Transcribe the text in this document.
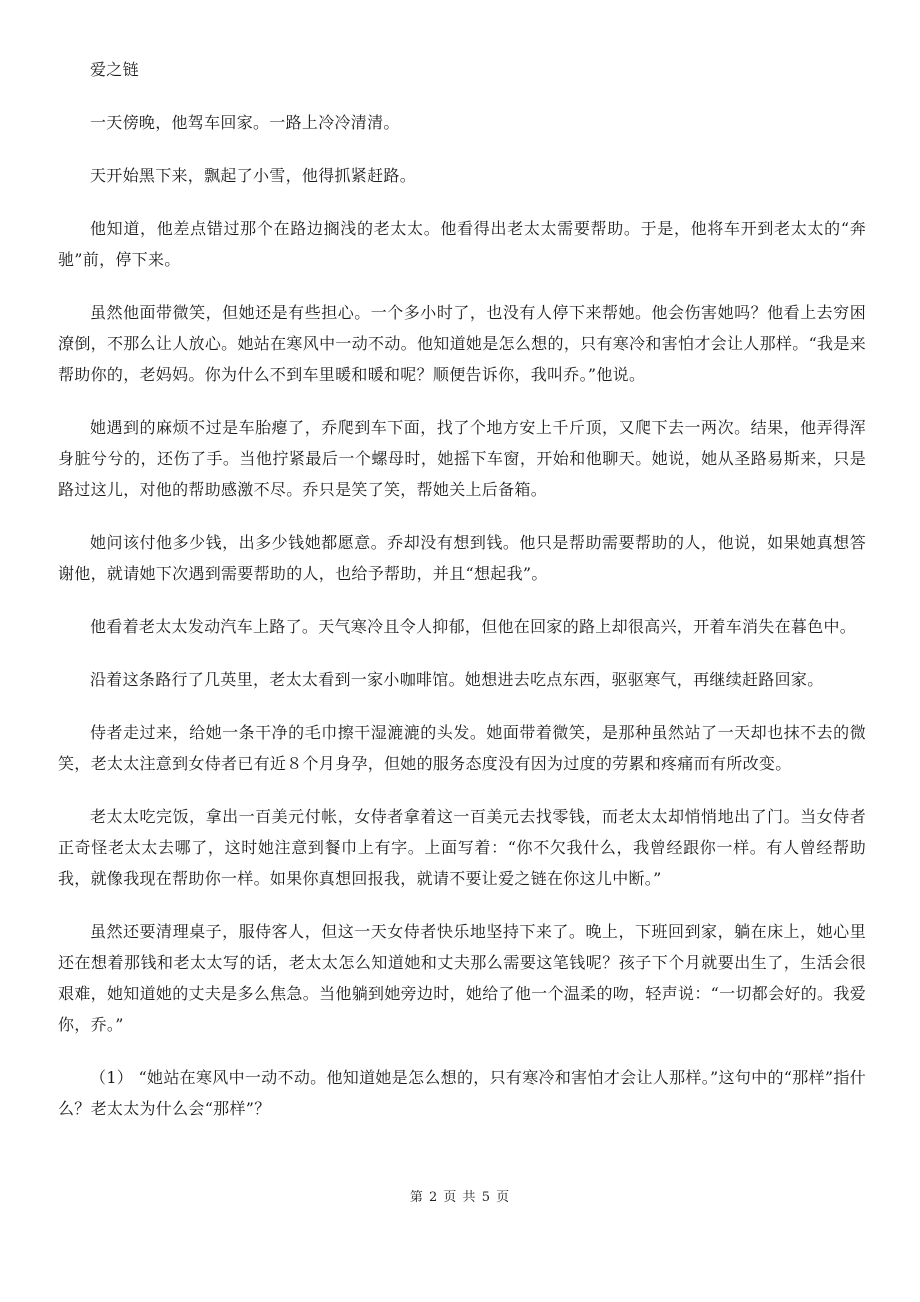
爱之链

一天傍晚，他驾车回家。一路上冷冷清清。

天开始黑下来，飘起了小雪，他得抓紧赶路。

他知道，他差点错过那个在路边搁浅的老太太。他看得出老太太需要帮助。于是，他将车开到老太太的“奔驰”前，停下来。

虽然他面带微笑，但她还是有些担心。一个多小时了，也没有人停下来帮她。他会伤害她吗？他看上去穷困潦倒，不那么让人放心。她站在寒风中一动不动。他知道她是怎么想的，只有寒冷和害怕才会让人那样。“我是来帮助你的，老妈妈。你为什么不到车里暖和暖和呢？顺便告诉你，我叫乔。”他说。

她遇到的麻烦不过是车胎瘪了，乔爬到车下面，找了个地方安上千斤顶，又爬下去一两次。结果，他弄得浑身脏兮兮的，还伤了手。当他拧紧最后一个螺母时，她摇下车窗，开始和他聊天。她说，她从圣路易斯来，只是路过这儿，对他的帮助感激不尽。乔只是笑了笑，帮她关上后备箱。

她问该付他多少钱，出多少钱她都愿意。乔却没有想到钱。他只是帮助需要帮助的人，他说，如果她真想答谢他，就请她下次遇到需要帮助的人，也给予帮助，并且“想起我”。

他看着老太太发动汽车上路了。天气寒冷且令人抑郁，但他在回家的路上却很高兴，开着车消失在暮色中。

沿着这条路行了几英里，老太太看到一家小咖啡馆。她想进去吃点东西，驱驱寒气，再继续赶路回家。

侍者走过来，给她一条干净的毛巾擦干湿漉漉的头发。她面带着微笑，是那种虽然站了一天却也抹不去的微笑，老太太注意到女侍者已有近８个月身孕，但她的服务态度没有因为过度的劳累和疼痛而有所改变。

老太太吃完饭，拿出一百美元付帐，女侍者拿着这一百美元去找零钱，而老太太却悄悄地出了门。当女侍者正奇怪老太太去哪了，这时她注意到餐巾上有字。上面写着：“你不欠我什么，我曾经跟你一样。有人曾经帮助我，就像我现在帮助你一样。如果你真想回报我，就请不要让爱之链在你这儿中断。”

虽然还要清理桌子，服侍客人，但这一天女侍者快乐地坚持下来了。晚上，下班回到家，躺在床上，她心里还在想着那钱和老太太写的话，老太太怎么知道她和丈夫那么需要这笔钱呢？孩子下个月就要出生了，生活会很艰难，她知道她的丈夫是多么焦急。当他躺到她旁边时，她给了他一个温柔的吻，轻声说：“一切都会好的。我爱你，乔。”

（1） “她站在寒风中一动不动。他知道她是怎么想的，只有寒冷和害怕才会让人那样。”这句中的“那样”指什么？老太太为什么会“那样”？

第 2 页 共 5 页
